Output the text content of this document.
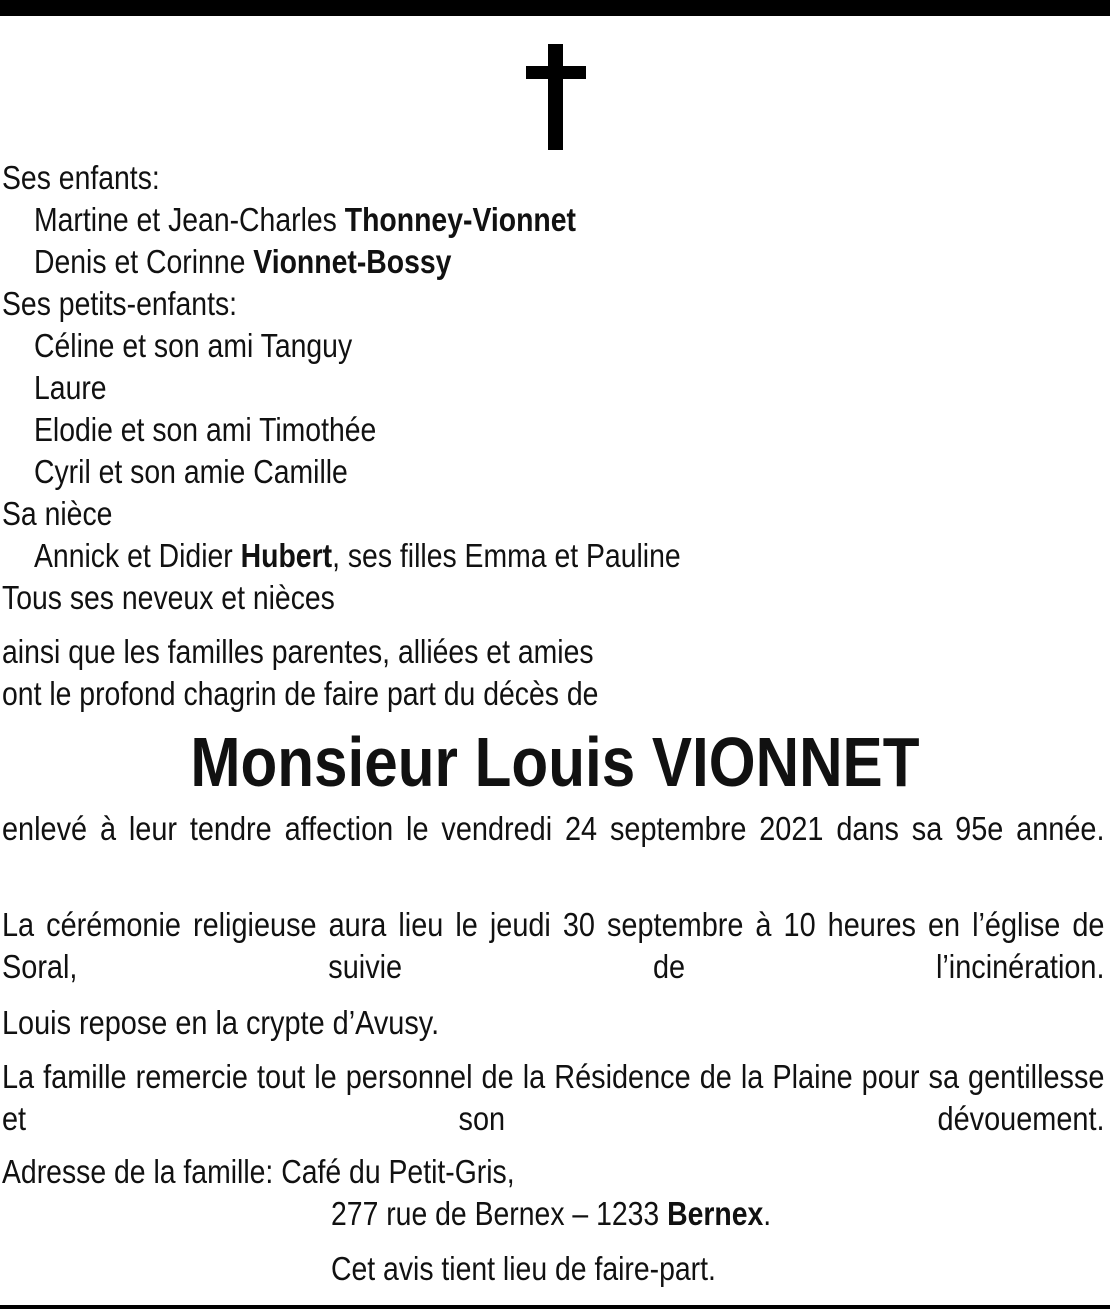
Ses enfants:
Martine et Jean-Charles Thonney-Vionnet
Denis et Corinne Vionnet-Bossy
Ses petits-enfants:
Céline et son ami Tanguy
Laure
Elodie et son ami Timothée
Cyril et son amie Camille
Sa nièce
Annick et Didier Hubert, ses filles Emma et Pauline
Tous ses neveux et nièces
ainsi que les familles parentes, alliées et amies
ont le profond chagrin de faire part du décès de
Monsieur Louis VIONNET
enlevé à leur tendre affection le vendredi 24 septembre 2021 dans sa 95e année.
La cérémonie religieuse aura lieu le jeudi 30 septembre à 10 heures en l’église de Soral, suivie de l’incinération.
Louis repose en la crypte d’Avusy.
La famille remercie tout le personnel de la Résidence de la Plaine pour sa gentillesse et son dévouement.
Adresse de la famille: Café du Petit-Gris,
277 rue de Bernex – 1233 Bernex.
Cet avis tient lieu de faire-part.
